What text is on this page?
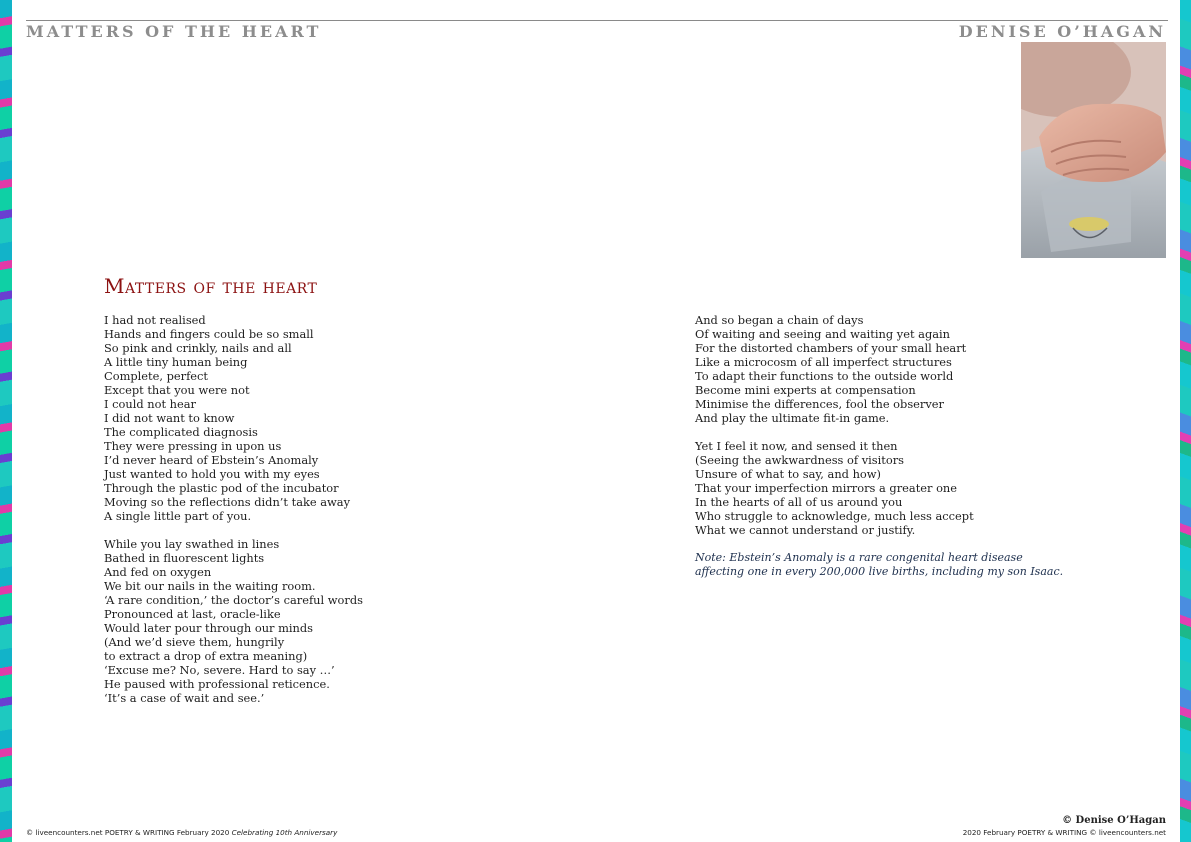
MATTERS OF THE HEART	DENISE O’HAGAN
Matters of the heart
I had not realised
Hands and fingers could be so small
So pink and crinkly, nails and all
A little tiny human being
Complete, perfect
Except that you were not
I could not hear
I did not want to know
The complicated diagnosis
They were pressing in upon us
I’d never heard of Ebstein’s Anomaly
Just wanted to hold you with my eyes
Through the plastic pod of the incubator
Moving so the reflections didn’t take away
A single little part of you.
While you lay swathed in lines
Bathed in fluorescent lights
And fed on oxygen
We bit our nails in the waiting room.
‘A rare condition,’ the doctor’s careful words
Pronounced at last, oracle-like
Would later pour through our minds
(And we’d sieve them, hungrily
to extract a drop of extra meaning)
‘Excuse me? No, severe. Hard to say …’
He paused with professional reticence.
‘It’s a case of wait and see.’
And so began a chain of days
Of waiting and seeing and waiting yet again
For the distorted chambers of your small heart
Like a microcosm of all imperfect structures
To adapt their functions to the outside world
Become mini experts at compensation
Minimise the differences, fool the observer
And play the ultimate fit-in game.
Yet I feel it now, and sensed it then
(Seeing the awkwardness of visitors
Unsure of what to say, and how)
That your imperfection mirrors a greater one
In the hearts of all of us around you
Who struggle to acknowledge, much less accept
What we cannot understand or justify.
Note: Ebstein’s Anomaly is a rare congenital heart disease
affecting one in every 200,000 live births, including my son Isaac.
© liveencounters.net POETRY & WRITING February 2020 Celebrating 10th Anniversary
© Denise O’Hagan
2020 February POETRY & WRITING © liveencounters.net
